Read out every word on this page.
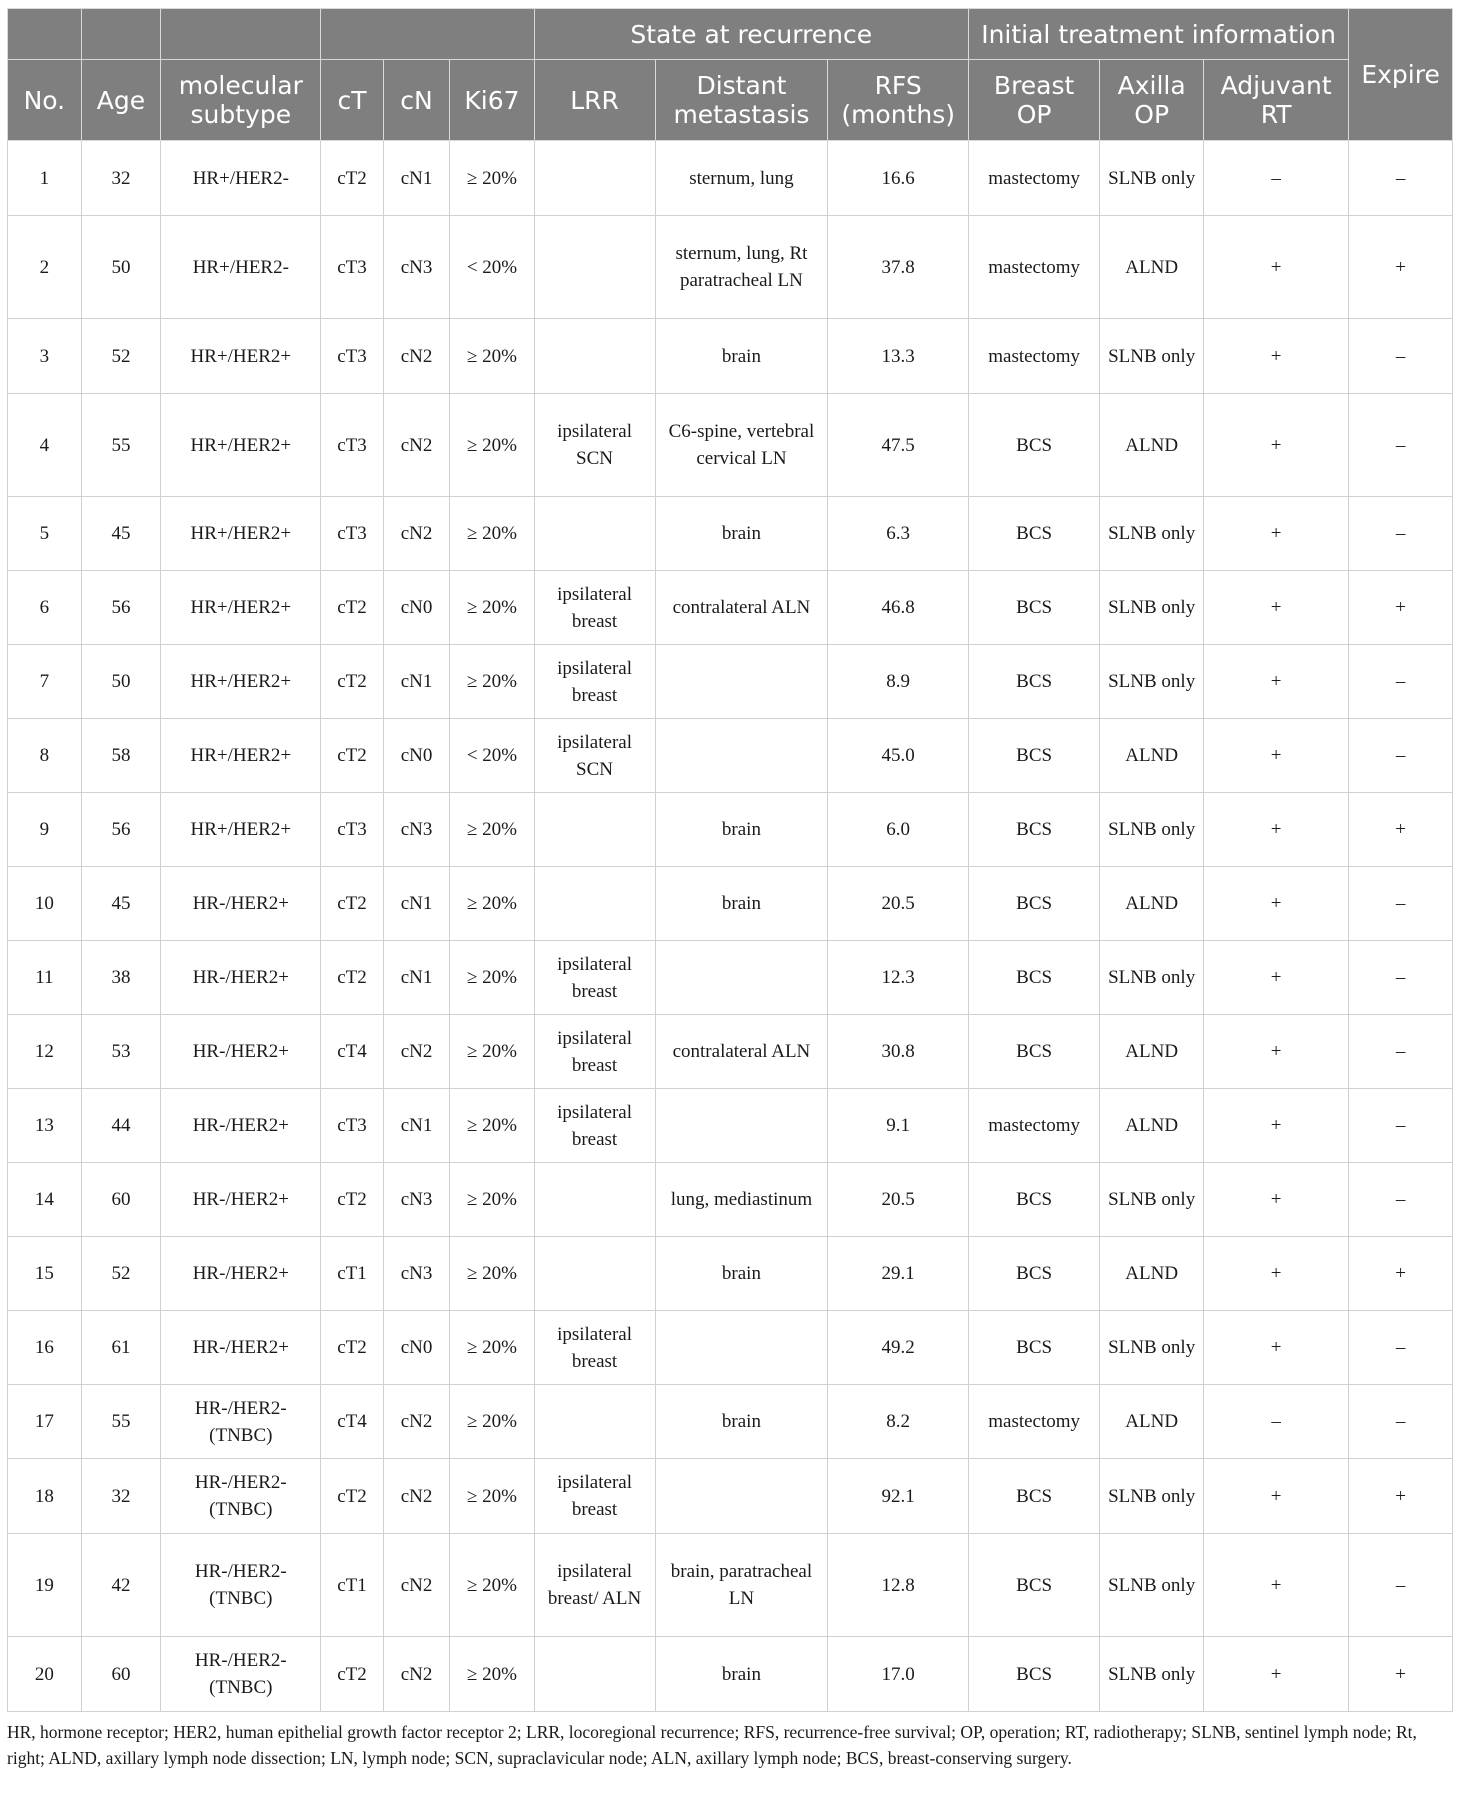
						State at recurrence			Initial treatment information			Expire
No.	Age	molecular subtype	cT	cN	Ki67	LRR	Distant metastasis	RFS (months)	Breast OP	Axilla OP	Adjuvant RT	
1	32	HR+/HER2-	cT2	cN1	≥ 20%		sternum, lung	16.6	mastectomy	SLNB only	–	–
2	50	HR+/HER2-	cT3	cN3	< 20%		sternum, lung, Rt paratracheal LN	37.8	mastectomy	ALND	+	+
3	52	HR+/HER2+	cT3	cN2	≥ 20%		brain	13.3	mastectomy	SLNB only	+	–
4	55	HR+/HER2+	cT3	cN2	≥ 20%	ipsilateral SCN	C6-spine, vertebral cervical LN	47.5	BCS	ALND	+	–
5	45	HR+/HER2+	cT3	cN2	≥ 20%		brain	6.3	BCS	SLNB only	+	–
6	56	HR+/HER2+	cT2	cN0	≥ 20%	ipsilateral breast	contralateral ALN	46.8	BCS	SLNB only	+	+
7	50	HR+/HER2+	cT2	cN1	≥ 20%	ipsilateral breast		8.9	BCS	SLNB only	+	–
8	58	HR+/HER2+	cT2	cN0	< 20%	ipsilateral SCN		45.0	BCS	ALND	+	–
9	56	HR+/HER2+	cT3	cN3	≥ 20%		brain	6.0	BCS	SLNB only	+	+
10	45	HR-/HER2+	cT2	cN1	≥ 20%		brain	20.5	BCS	ALND	+	–
11	38	HR-/HER2+	cT2	cN1	≥ 20%	ipsilateral breast		12.3	BCS	SLNB only	+	–
12	53	HR-/HER2+	cT4	cN2	≥ 20%	ipsilateral breast	contralateral ALN	30.8	BCS	ALND	+	–
13	44	HR-/HER2+	cT3	cN1	≥ 20%	ipsilateral breast		9.1	mastectomy	ALND	+	–
14	60	HR-/HER2+	cT2	cN3	≥ 20%		lung, mediastinum	20.5	BCS	SLNB only	+	–
15	52	HR-/HER2+	cT1	cN3	≥ 20%		brain	29.1	BCS	ALND	+	+
16	61	HR-/HER2+	cT2	cN0	≥ 20%	ipsilateral breast		49.2	BCS	SLNB only	+	–
17	55	HR-/HER2- (TNBC)	cT4	cN2	≥ 20%		brain	8.2	mastectomy	ALND	–	–
18	32	HR-/HER2- (TNBC)	cT2	cN2	≥ 20%	ipsilateral breast		92.1	BCS	SLNB only	+	+
19	42	HR-/HER2- (TNBC)	cT1	cN2	≥ 20%	ipsilateral breast/ ALN	brain, paratracheal LN	12.8	BCS	SLNB only	+	–
20	60	HR-/HER2- (TNBC)	cT2	cN2	≥ 20%		brain	17.0	BCS	SLNB only	+	+
HR, hormone receptor; HER2, human epithelial growth factor receptor 2; LRR, locoregional recurrence; RFS, recurrence-free survival; OP, operation; RT, radiotherapy; SLNB, sentinel lymph node; Rt, right; ALND, axillary lymph node dissection; LN, lymph node; SCN, supraclavicular node; ALN, axillary lymph node; BCS, breast-conserving surgery.
